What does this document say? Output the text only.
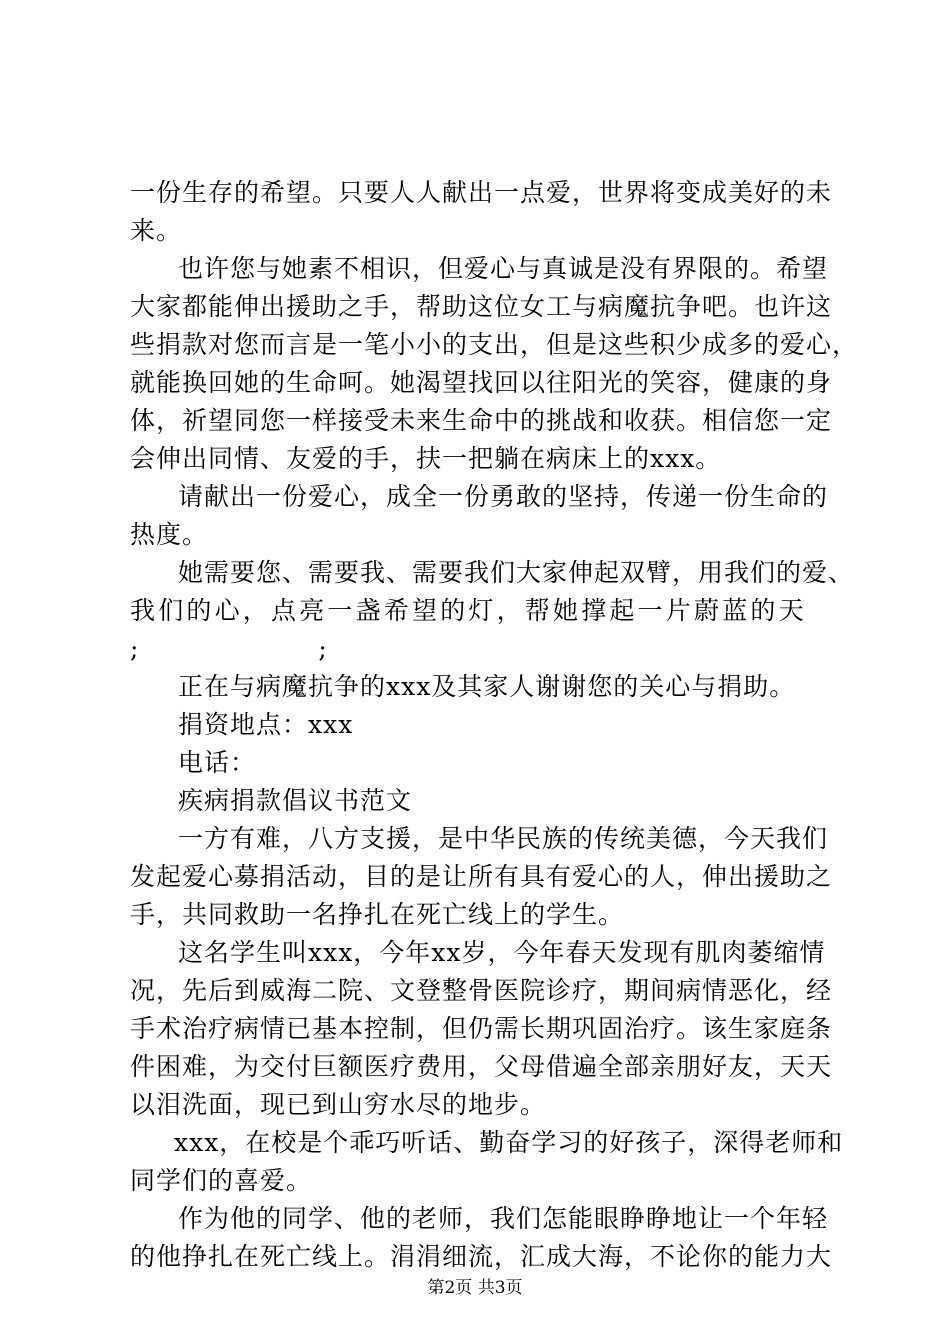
一份生存的希望。只要人人献出一点爱，世界将变成美好的未
来。
也许您与她素不相识，但爱心与真诚是没有界限的。希望
大家都能伸出援助之手，帮助这位女工与病魔抗争吧。也许这
些捐款对您而言是一笔小小的支出，但是这些积少成多的爱心，
就能换回她的生命呵。她渴望找回以往阳光的笑容，健康的身
体，祈望同您一样接受未来生命中的挑战和收获。相信您一定
会伸出同情、友爱的手，扶一把躺在病床上的xxx。
请献出一份爱心，成全一份勇敢的坚持，传递一份生命的
热度。
她需要您、需要我、需要我们大家伸起双臂，用我们的爱、
我们的心，点亮一盏希望的灯，帮她撑起一片蔚蓝的天
;                    ;
正在与病魔抗争的xxx及其家人谢谢您的关心与捐助。
捐资地点：xxx
电话：
疾病捐款倡议书范文
一方有难，八方支援，是中华民族的传统美德，今天我们
发起爱心募捐活动，目的是让所有具有爱心的人，伸出援助之
手，共同救助一名挣扎在死亡线上的学生。
这名学生叫xxx，今年xx岁，今年春天发现有肌肉萎缩情
况，先后到威海二院、文登整骨医院诊疗，期间病情恶化，经
手术治疗病情已基本控制，但仍需长期巩固治疗。该生家庭条
件困难，为交付巨额医疗费用，父母借遍全部亲朋好友，天天
以泪洗面，现已到山穷水尽的地步。
xxx，在校是个乖巧听话、勤奋学习的好孩子，深得老师和
同学们的喜爱。
作为他的同学、他的老师，我们怎能眼睁睁地让一个年轻
的他挣扎在死亡线上。涓涓细流，汇成大海，不论你的能力大
第2页 共3页
